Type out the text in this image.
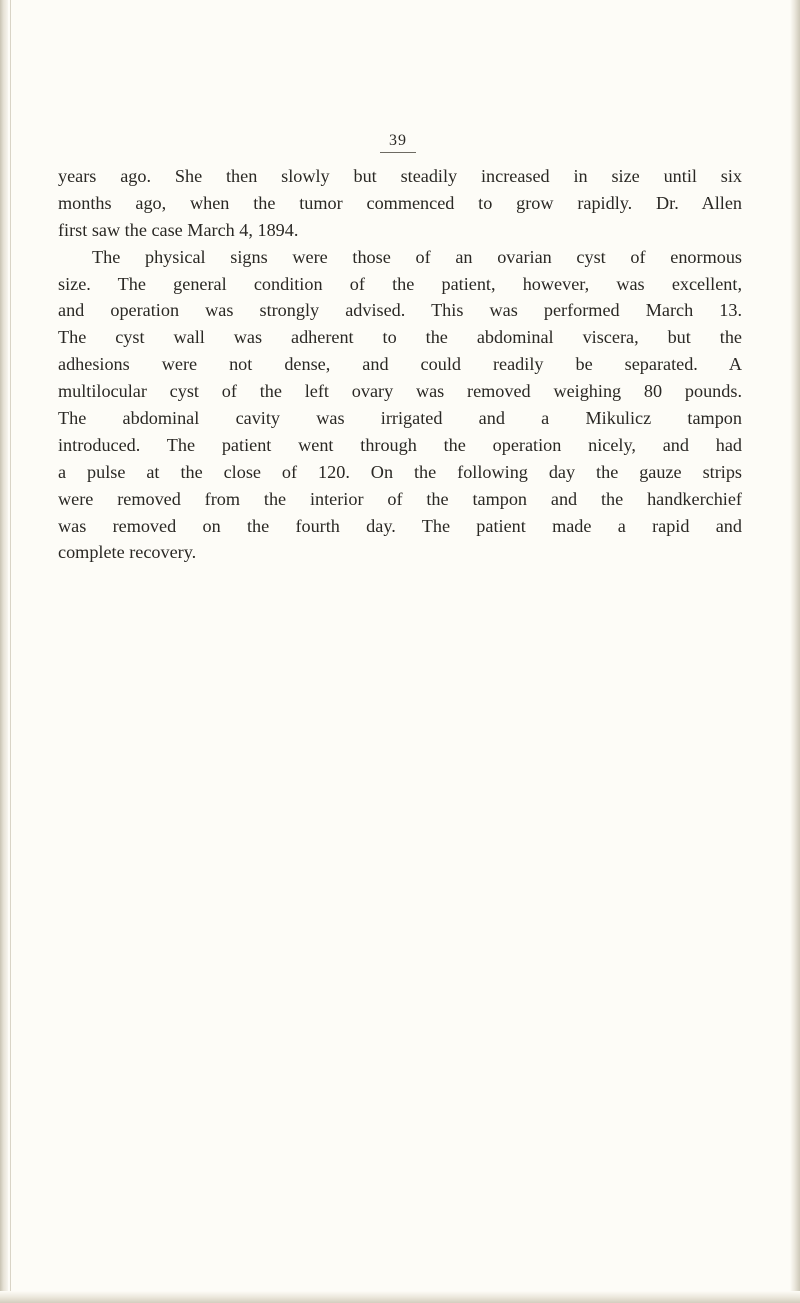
39
years ago. She then slowly but steadily increased in size until six
months ago, when the tumor commenced to grow rapidly. Dr. Allen
first saw the case March 4, 1894.
The physical signs were those of an ovarian cyst of enormous
size. The general condition of the patient, however, was excellent,
and operation was strongly advised. This was performed March 13.
The cyst wall was adherent to the abdominal viscera, but the
adhesions were not dense, and could readily be separated. A
multilocular cyst of the left ovary was removed weighing 80 pounds.
The abdominal cavity was irrigated and a Mikulicz tampon
introduced. The patient went through the operation nicely, and had
a pulse at the close of 120. On the following day the gauze strips
were removed from the interior of the tampon and the handkerchief
was removed on the fourth day. The patient made a rapid and
complete recovery.
